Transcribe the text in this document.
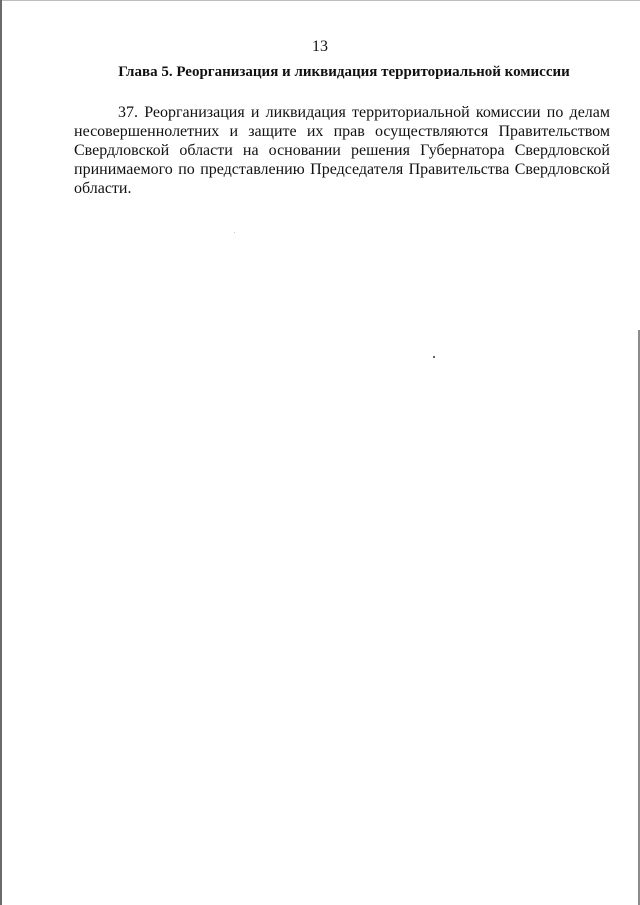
13
Глава 5. Реорганизация и ликвидация территориальной комиссии
37. Реорганизация и ликвидация территориальной комиссии по делам
несовершеннолетних и защите их прав осуществляются Правительством
Свердловской области на основании решения Губернатора Свердловской
принимаемого по представлению Председателя Правительства Свердловской
области.
